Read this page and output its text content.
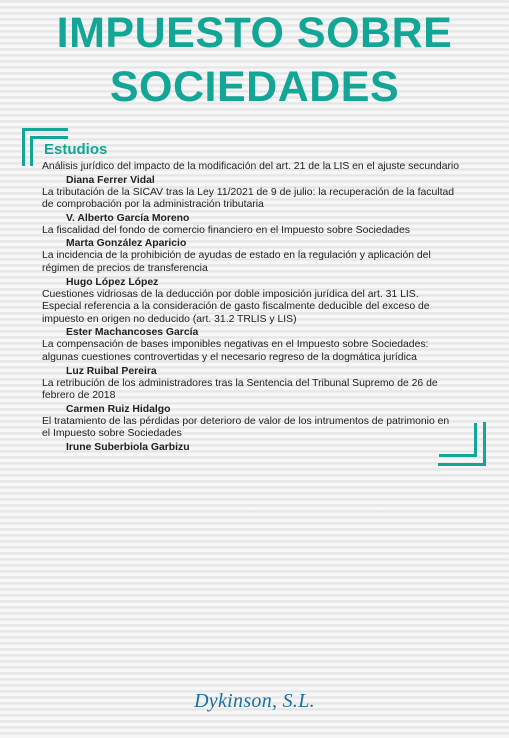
IMPUESTO SOBRE
SOCIEDADES
Estudios

Análisis jurídico del impacto de la modificación del art. 21 de la LIS en el ajuste secundario

Diana Ferrer Vidal

La tributación de la SICAV tras la Ley 11/2021 de 9 de julio: la recuperación de la facultad de comprobación por la administración tributaria

V. Alberto García Moreno

La fiscalidad del fondo de comercio financiero en el Impuesto sobre Sociedades

Marta González Aparicio

La incidencia de la prohibición de ayudas de estado en la regulación y aplicación del régimen de precios de transferencia

Hugo López López

Cuestiones vidriosas de la deducción por doble imposición jurídica del art. 31 LIS. Especial referencia a la consideración de gasto fiscalmente deducible del exceso de impuesto en origen no deducido (art. 31.2 TRLIS y LIS)

Ester Machancoses García

La compensación de bases imponibles negativas en el Impuesto sobre Sociedades: algunas cuestiones controvertidas y el necesario regreso de la dogmática jurídica

Luz Ruibal Pereira

La retribución de los administradores tras la Sentencia del Tribunal Supremo de 26 de febrero de 2018

Carmen Ruiz Hidalgo

El tratamiento de las pérdidas por deterioro de valor de los intrumentos de patrimonio en el Impuesto sobre Sociedades

Irune Suberbiola Garbizu

Dykinson, S.L.
